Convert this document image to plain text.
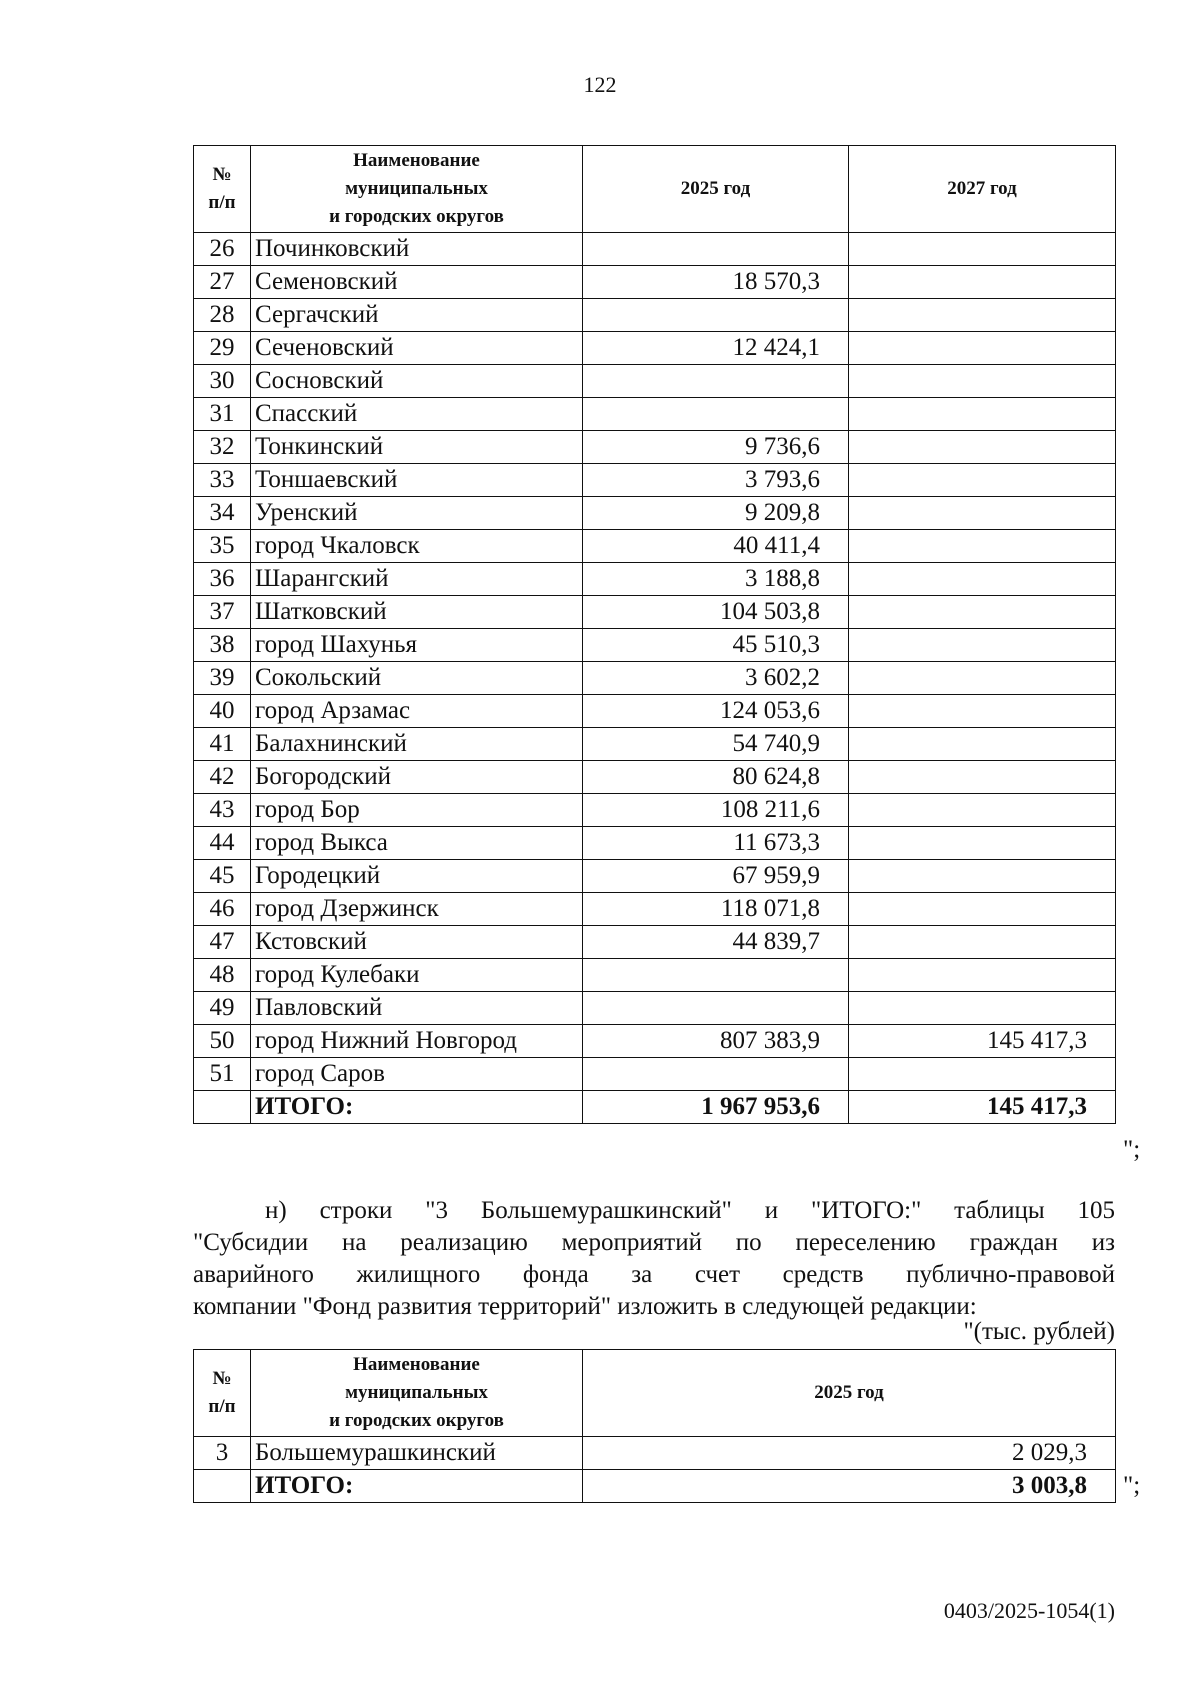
122
№
п/п	Наименование
муниципальных
и городских округов	2025 год	2027 год
26	Починковский		
27	Семеновский	18 570,3	
28	Сергачский		
29	Сеченовский	12 424,1	
30	Сосновский		
31	Спасский		
32	Тонкинский	9 736,6	
33	Тоншаевский	3 793,6	
34	Уренский	9 209,8	
35	город Чкаловск	40 411,4	
36	Шарангский	3 188,8	
37	Шатковский	104 503,8	
38	город Шахунья	45 510,3	
39	Сокольский	3 602,2	
40	город Арзамас	124 053,6	
41	Балахнинский	54 740,9	
42	Богородский	80 624,8	
43	город Бор	108 211,6	
44	город Выкса	11 673,3	
45	Городецкий	67 959,9	
46	город Дзержинск	118 071,8	
47	Кстовский	44 839,7	
48	город Кулебаки		
49	Павловский		
50	город Нижний Новгород	807 383,9	145 417,3
51	город Саров		
	ИТОГО:	1 967 953,6	145 417,3
";
н) строки "3 Большемурашкинский" и "ИТОГО:" таблицы 105
"Субсидии на реализацию мероприятий по переселению граждан из
аварийного жилищного фонда за счет средств публично-правовой
компании "Фонд развития территорий" изложить в следующей редакции:
"(тыс. рублей)
№
п/п	Наименование
муниципальных
и городских округов	2025 год
3	Большемурашкинский	2 029,3
	ИТОГО:	3 003,8 ";
0403/2025-1054(1)
